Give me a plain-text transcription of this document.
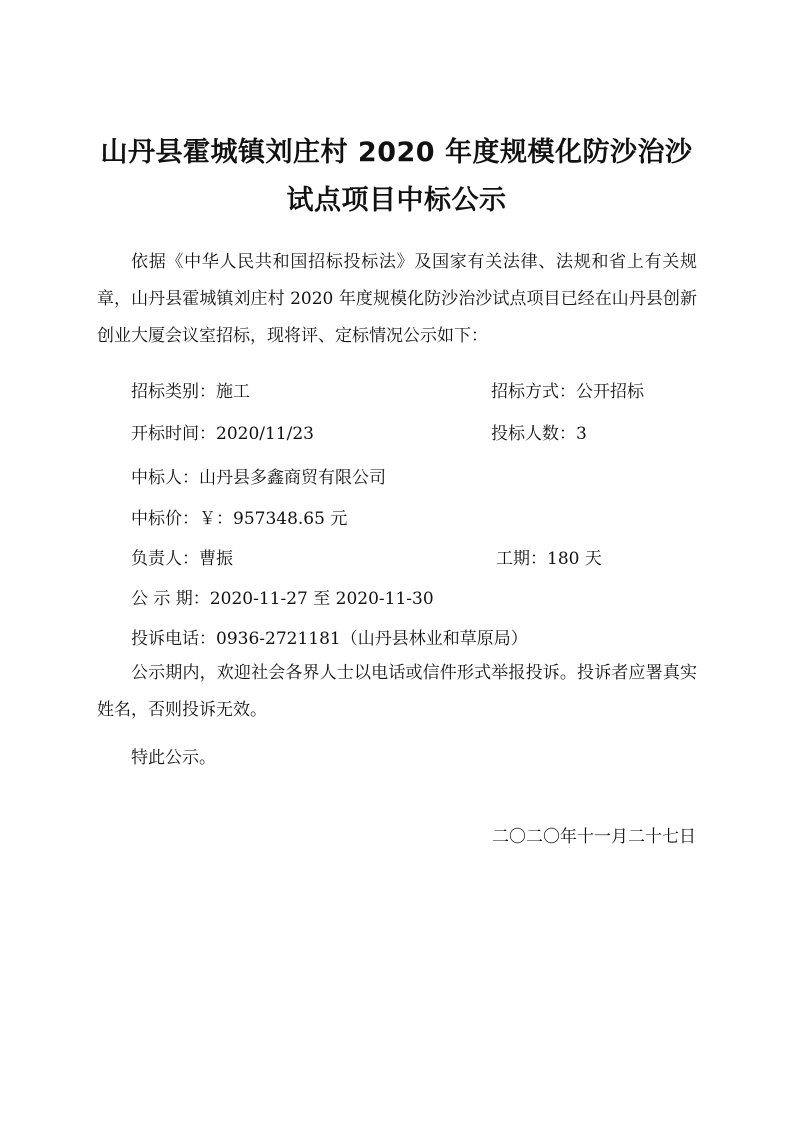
山丹县霍城镇刘庄村 2020 年度规模化防沙治沙
试点项目中标公示
依据《中华人民共和国招标投标法》及国家有关法律、法规和省上有关规章，山丹县霍城镇刘庄村 2020 年度规模化防沙治沙试点项目已经在山丹县创新创业大厦会议室招标，现将评、定标情况公示如下：
招标类别：施工	招标方式：公开招标
开标时间：2020/11/23	投标人数：3
中标人：山丹县多鑫商贸有限公司
中标价：￥：957348.65 元
负责人：曹振	工期：180 天
公 示 期：2020-11-27 至 2020-11-30
投诉电话：0936-2721181（山丹县林业和草原局）
公示期内，欢迎社会各界人士以电话或信件形式举报投诉。投诉者应署真实姓名，否则投诉无效。
特此公示。
二〇二〇年十一月二十七日
